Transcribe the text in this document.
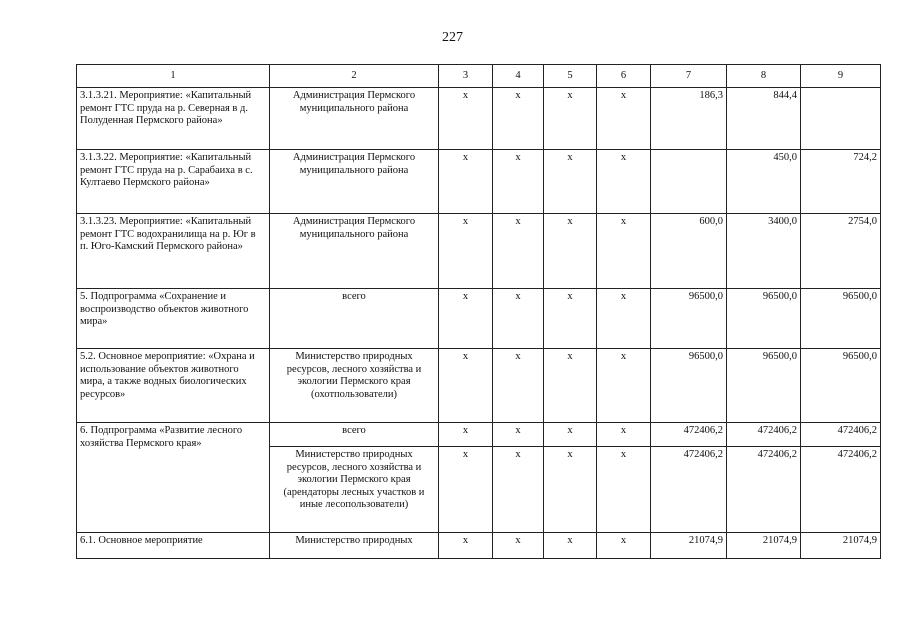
227
1	2	3	4	5	6	7	8	9
3.1.3.21. Мероприятие: «Капитальный ремонт ГТС пруда на р. Северная в д. Полуденная Пермского района»	Администрация Пермского муниципального района	х	х	х	х	186,3	844,4	
3.1.3.22. Мероприятие: «Капитальный ремонт ГТС пруда на р. Сарабаиха в с. Култаево Пермского района»	Администрация Пермского муниципального района	х	х	х	х		450,0	724,2
3.1.3.23. Мероприятие: «Капитальный ремонт ГТС водохранилища на р. Юг в п. Юго-Камский Пермского района»	Администрация Пермского муниципального района	х	х	х	х	600,0	3400,0	2754,0
5. Подпрограмма «Сохранение и воспроизводство объектов животного мира»	всего	х	х	х	х	96500,0	96500,0	96500,0
5.2. Основное мероприятие: «Охрана и использование объектов животного мира, а также водных биологических ресурсов»	Министерство природных ресурсов, лесного хозяйства и экологии Пермского края (охотпользователи)	х	х	х	х	96500,0	96500,0	96500,0
6. Подпрограмма «Развитие лесного хозяйства Пермского края»	всего	х	х	х	х	472406,2	472406,2	472406,2
	Министерство природных ресурсов, лесного хозяйства и экологии Пермского края (арендаторы лесных участков и иные лесопользователи)	х	х	х	х	472406,2	472406,2	472406,2
6.1. Основное мероприятие	Министерство природных	х	х	х	х	21074,9	21074,9	21074,9
